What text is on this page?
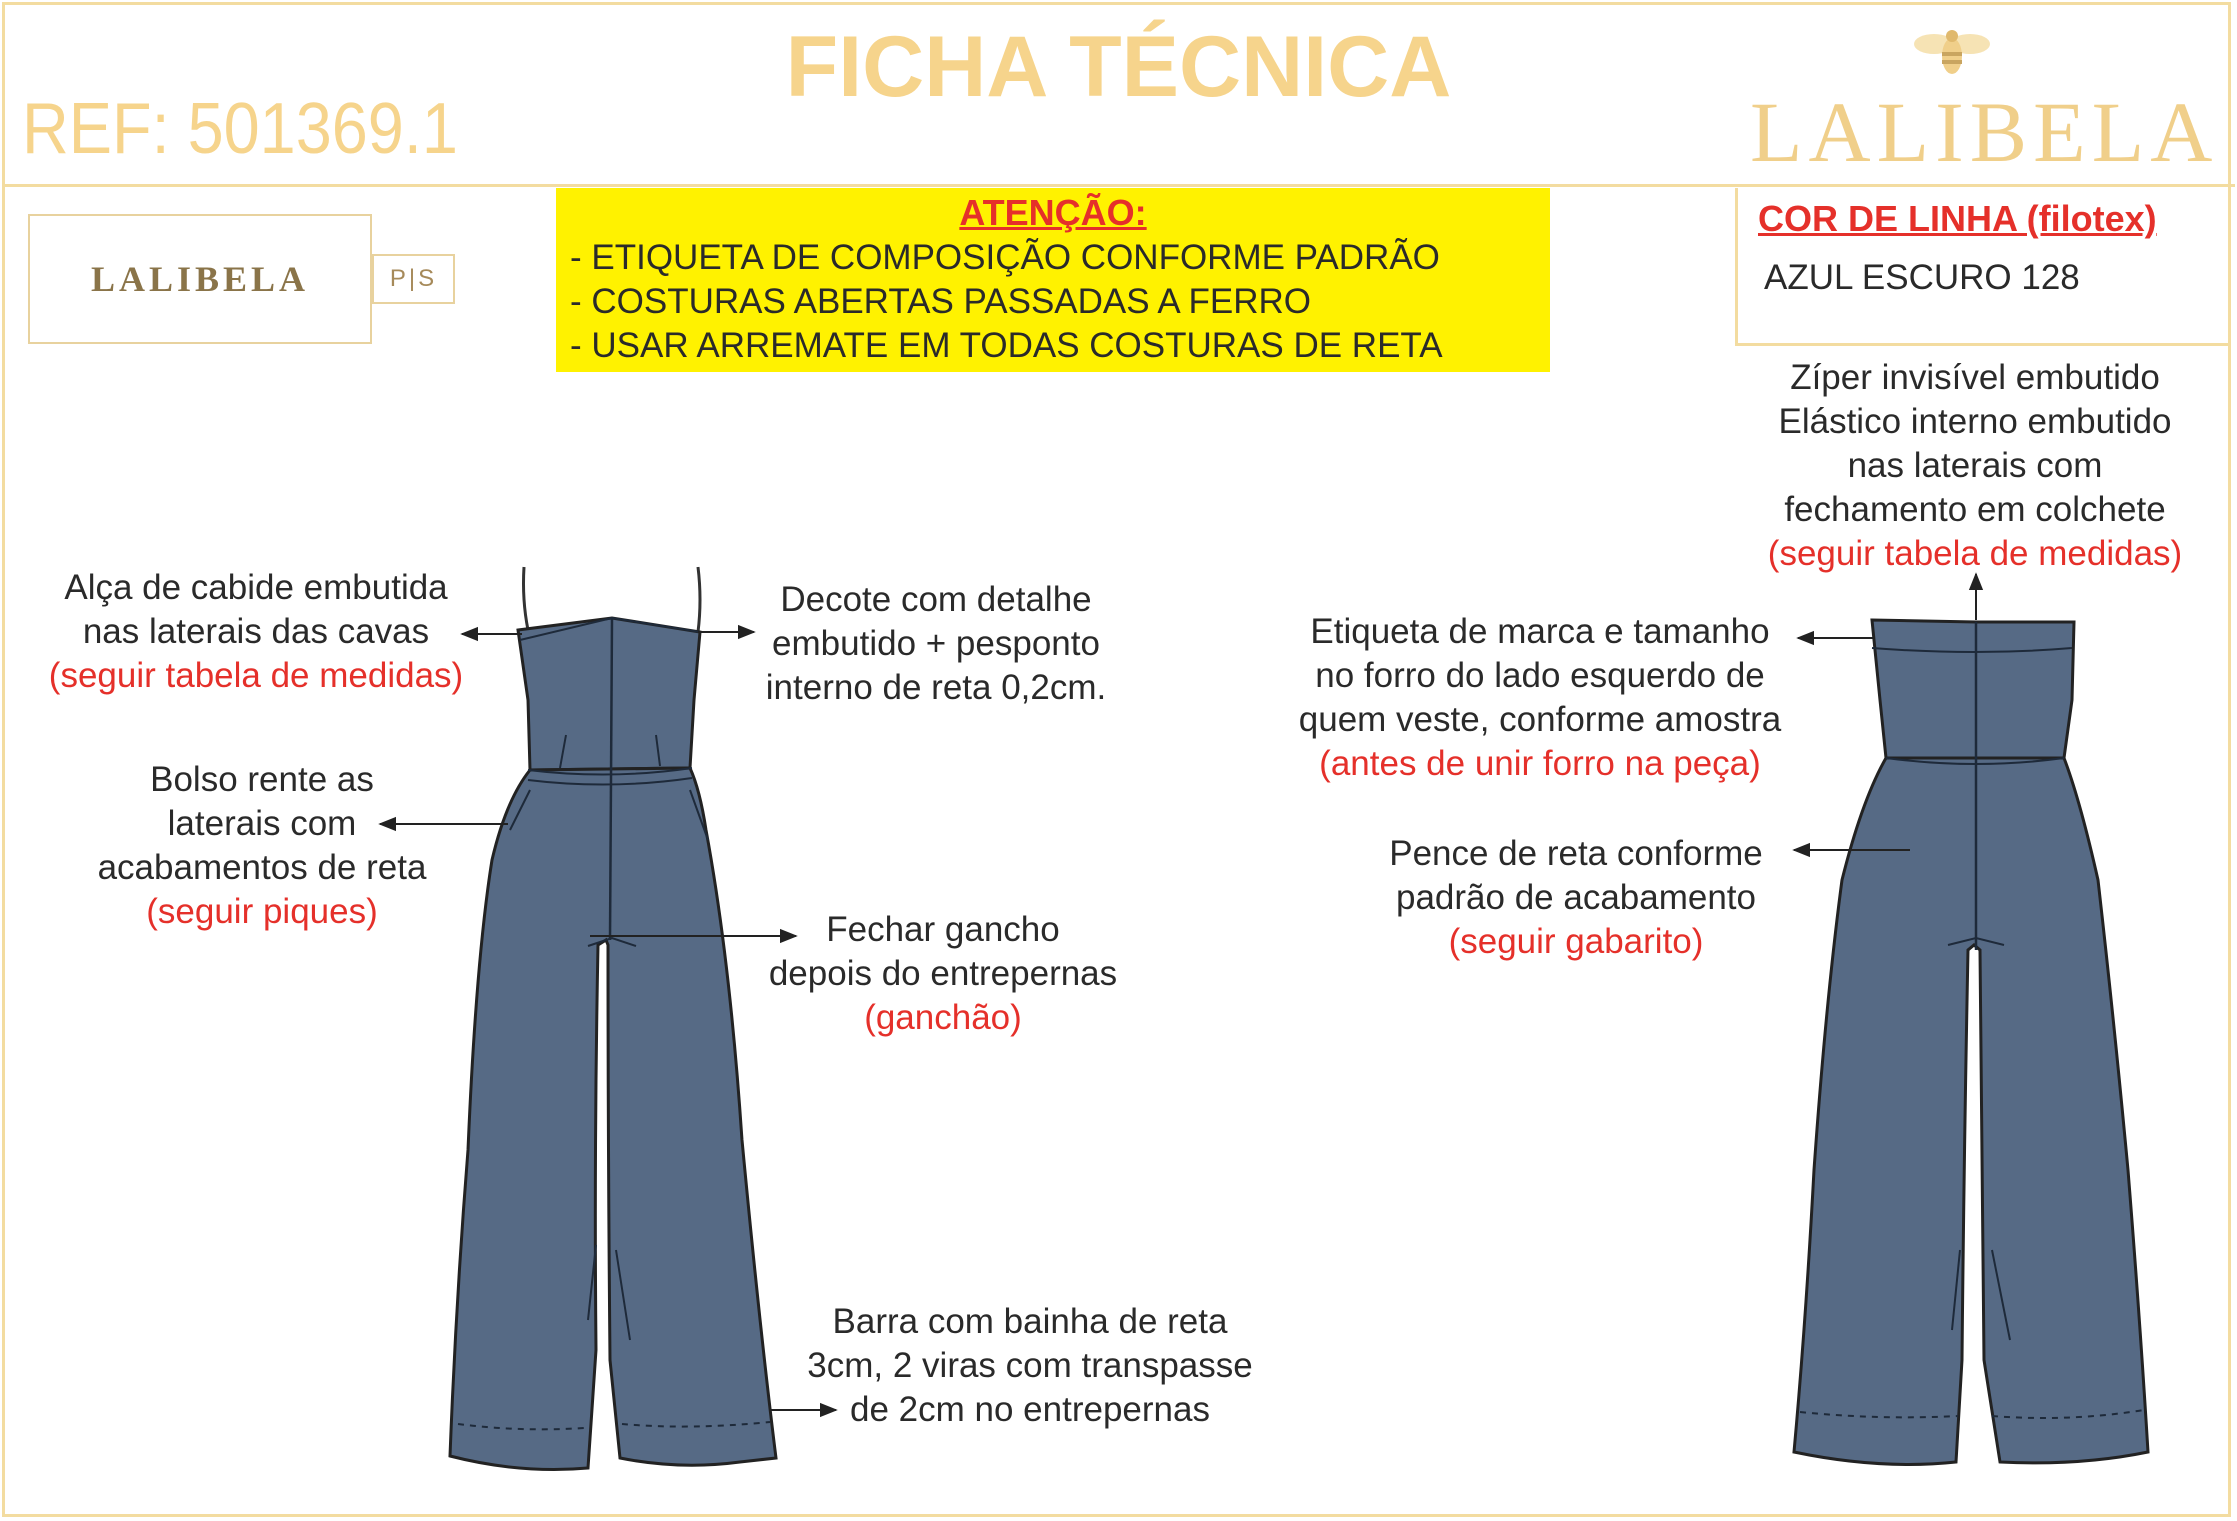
REF: 501369.1
FICHA TÉCNICA
LALIBELA
LALIBELA	P|S
ATENÇÃO:
- ETIQUETA DE COMPOSIÇÃO CONFORME PADRÃO
- COSTURAS ABERTAS PASSADAS A FERRO
- USAR ARREMATE EM TODAS COSTURAS DE RETA
COR DE LINHA (filotex)
AZUL ESCURO 128
Alça de cabide embutida
nas laterais das cavas
(seguir tabela de medidas)
Decote com detalhe
embutido + pesponto
interno de reta 0,2cm.
Bolso rente as
laterais com
acabamentos de reta
(seguir piques)	Fechar gancho
depois do entrepernas
(ganchão)
Barra com bainha de reta
3cm, 2 viras com transpasse
de 2cm no entrepernas
Zíper invisível embutido
Elástico interno embutido
nas laterais com
fechamento em colchete
(seguir tabela de medidas)
Etiqueta de marca e tamanho
no forro do lado esquerdo de
quem veste, conforme amostra
(antes de unir forro na peça)
Pence de reta conforme
padrão de acabamento
(seguir gabarito)
